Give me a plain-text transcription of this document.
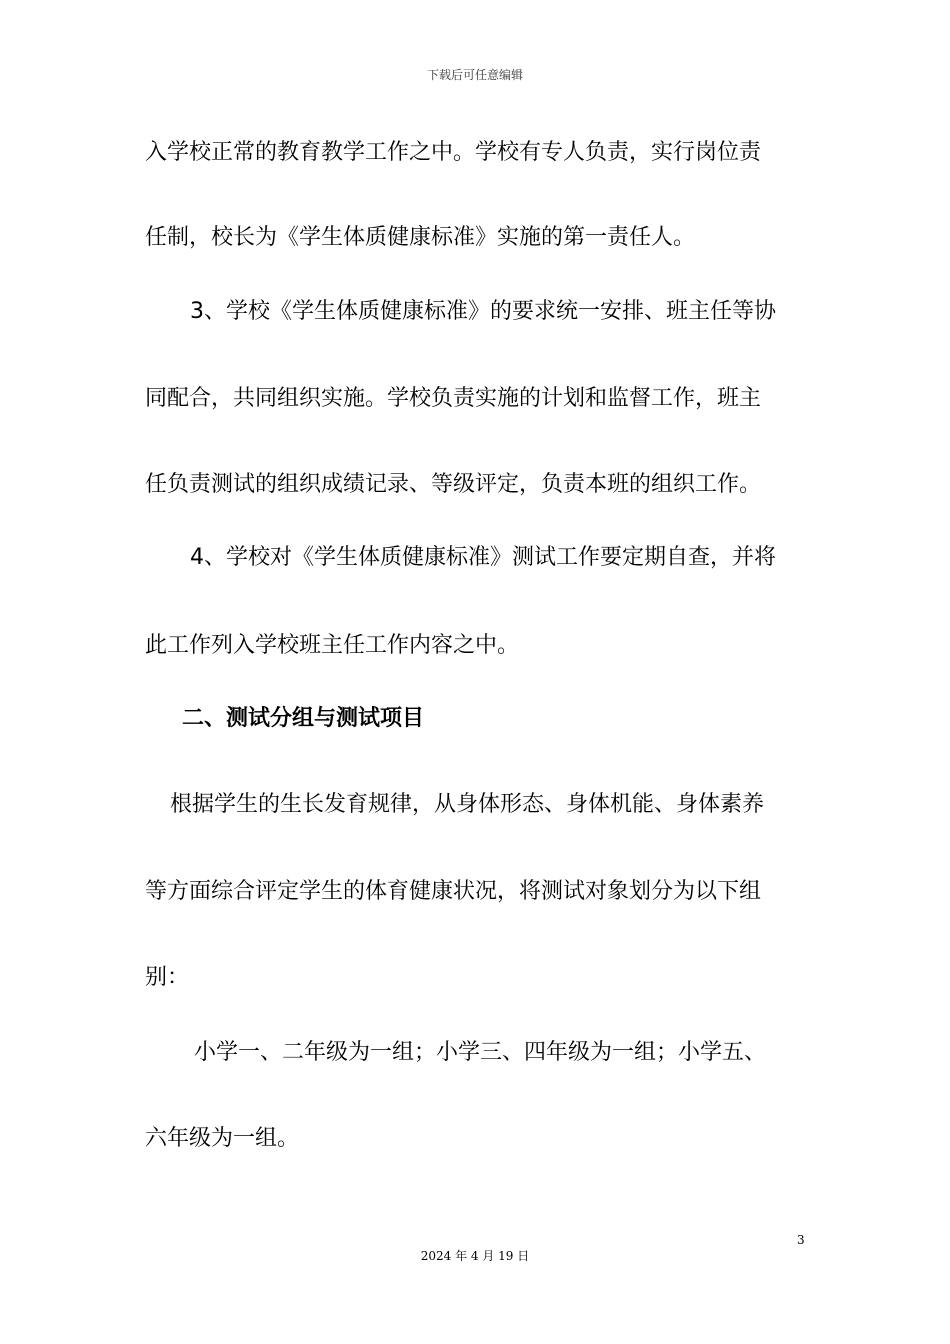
下载后可任意编辑
入学校正常的教育教学工作之中。学校有专人负责，实行岗位责
任制，校长为《学生体质健康标准》实施的第一责任人。
3、学校《学生体质健康标准》的要求统一安排、班主任等协
同配合，共同组织实施。学校负责实施的计划和监督工作，班主
任负责测试的组织成绩记录、等级评定，负责本班的组织工作。
4、学校对《学生体质健康标准》测试工作要定期自查，并将
此工作列入学校班主任工作内容之中。
二、测试分组与测试项目
根据学生的生长发育规律，从身体形态、身体机能、身体素养
等方面综合评定学生的体育健康状况，将测试对象划分为以下组
别：
小学一、二年级为一组；小学三、四年级为一组；小学五、
六年级为一组。
3
2024 年 4 月 19 日
